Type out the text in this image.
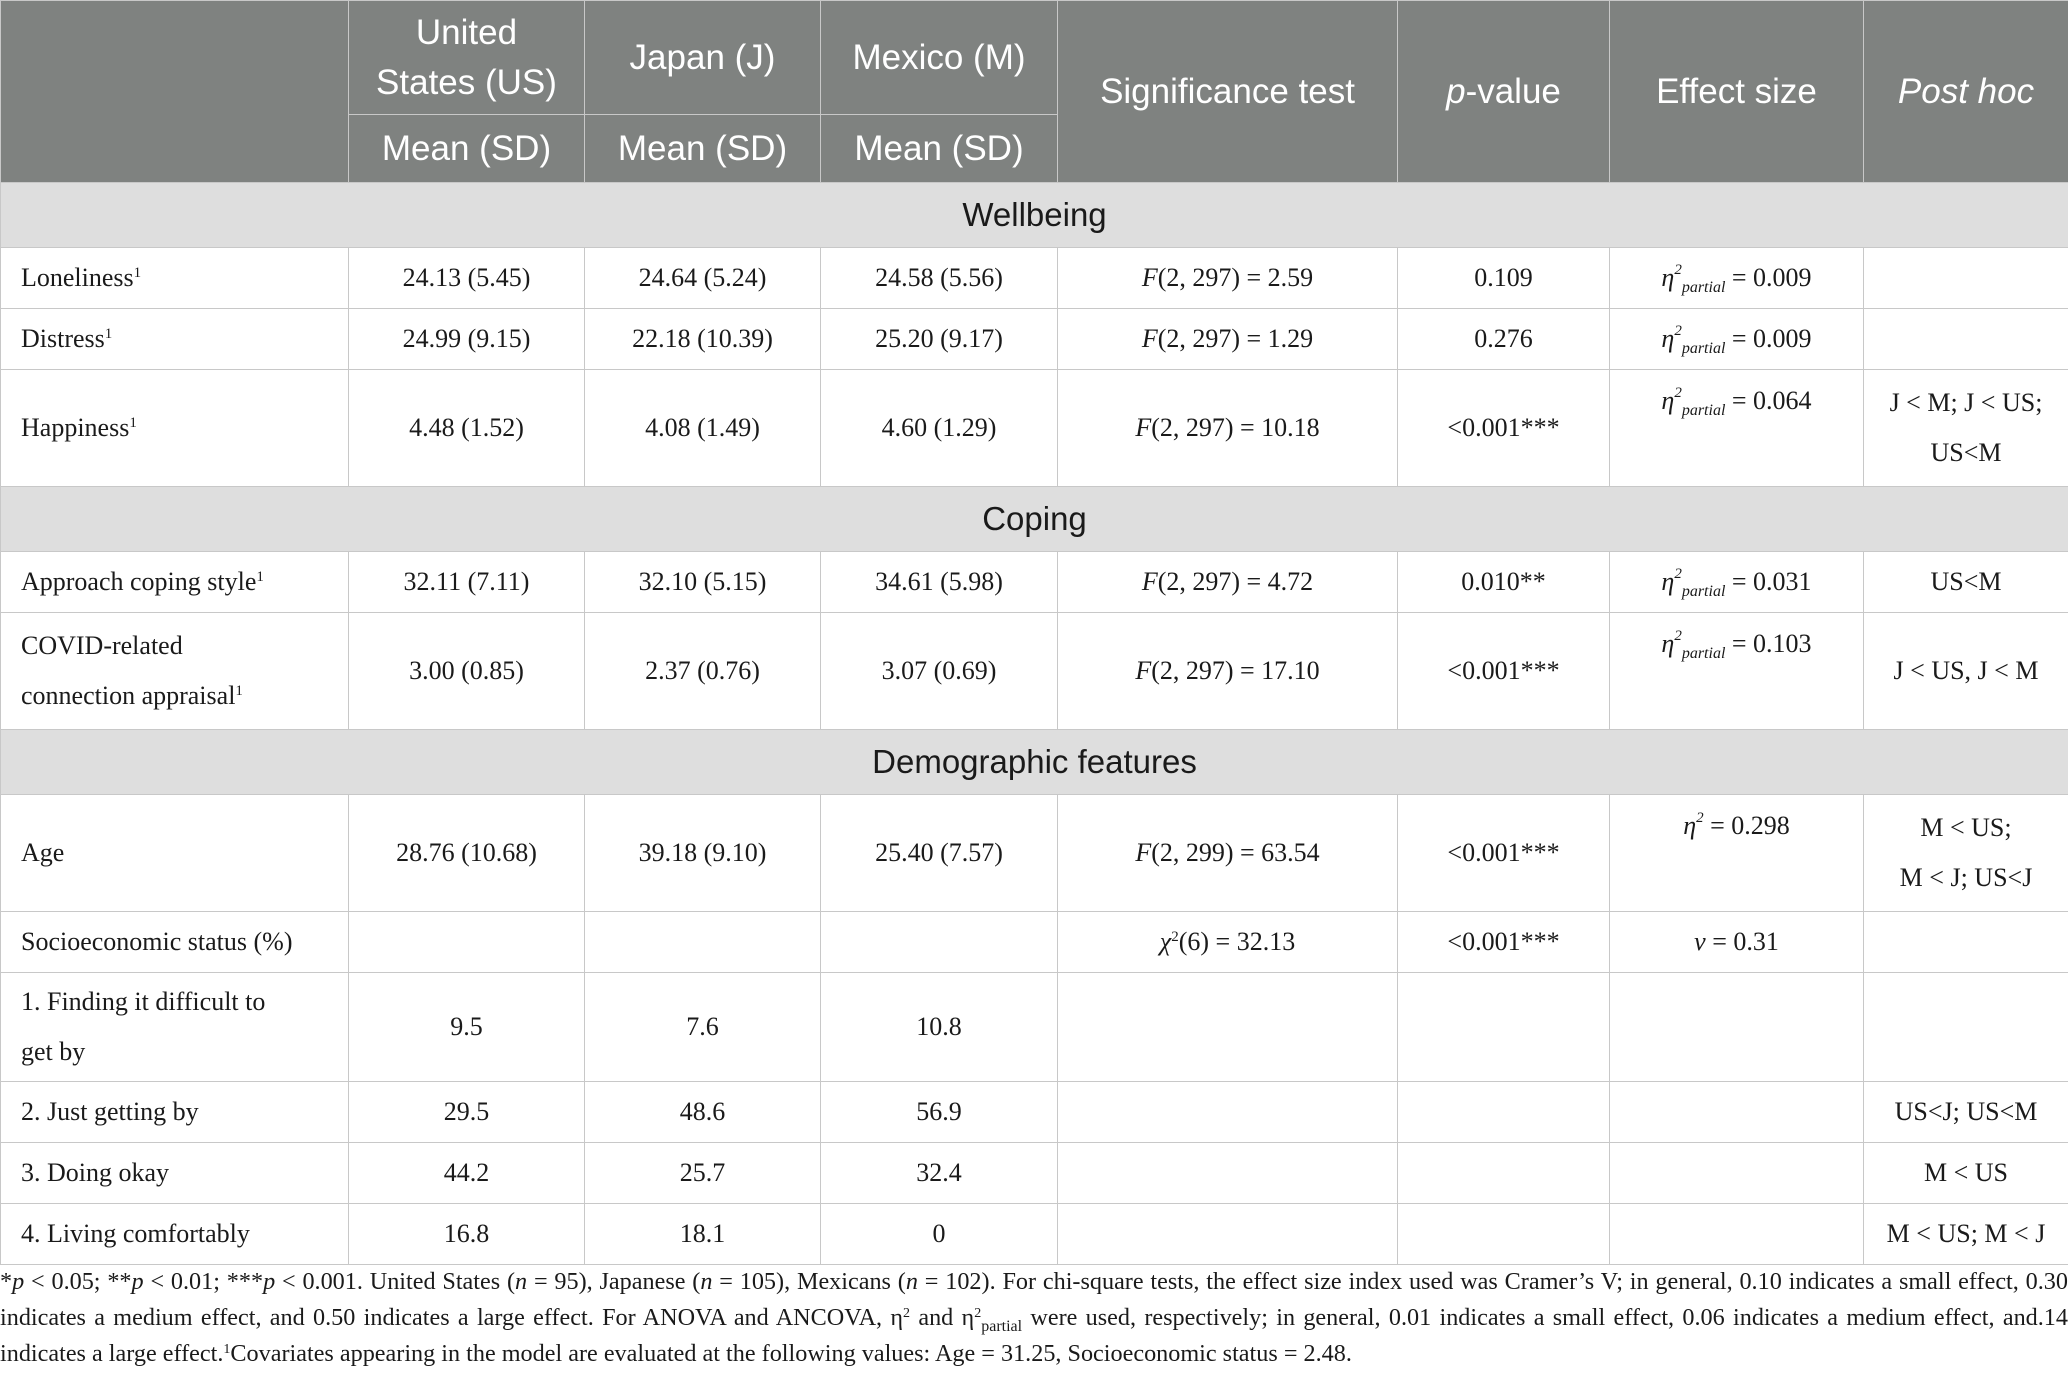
	United States (US)	Japan (J)	Mexico (M)	Significance test	p-value	Effect size	Post hoc
	Mean (SD)	Mean (SD)	Mean (SD)				
Wellbeing							
Loneliness$^1$	24.13 (5.45)	24.64 (5.24)	24.58 (5.56)	F(2, 297) = 2.59	0.109	$\eta^2_{partial} = 0.009$	
Distress$^1$	24.99 (9.15)	22.18 (10.39)	25.20 (9.17)	F(2, 297) = 1.29	0.276	$\eta^2_{partial} = 0.009$	
Happiness$^1$	4.48 (1.52)	4.08 (1.49)	4.60 (1.29)	F(2, 297) = 10.18	<0.001***	$\eta^2_{partial} = 0.064$	J < M; J < US;
US<M

Coping							
Approach coping style$^1$	32.11 (7.11)	32.10 (5.15)	34.61 (5.98)	F(2, 297) = 4.72	0.010**	$\eta^2_{partial} = 0.031$	US<M

COVID-related
connection appraisal$^1$	3.00 (0.85)	2.37 (0.76)	3.07 (0.69)	F(2, 297) = 17.10	<0.001***	$\eta^2_{partial} = 0.103$	J < US, J < M
Demographic features							
Age	28.76 (10.68)	39.18 (9.10)	25.40 (7.57)	F(2, 299) = 63.54	<0.001***	$\eta^2 = 0.298$	M < US;
M < J; US<J

Socioeconomic status (%)				$\chi^2(6) = 32.13$	<0.001***	v = 0.31	

1. Finding it difficult to
get by	9.5	7.6	10.8				
2. Just getting by	29.5	48.6	56.9				US<J; US<M
3. Doing okay	44.2	25.7	32.4				M < US
4. Living comfortably	16.8	18.1	0				M < US; M < J
*p < 0.05; **p < 0.01; ***p < 0.001. United States (n = 95), Japanese (n = 105), Mexicans (n = 102). For chi-square tests, the effect size index used was Cramer’s V; in general, 0.10 indicates a small effect, 0.30 indicates a medium effect, and 0.50 indicates a large effect. For ANOVA and ANCOVA, $\eta^2$ and $\eta^2_{partial}$ were used, respectively; in general, 0.01 indicates a small effect, 0.06 indicates a medium effect, and.14 indicates a large effect.$^1$Covariates appearing in the model are evaluated at the following values: Age = 31.25, Socioeconomic status = 2.48.
